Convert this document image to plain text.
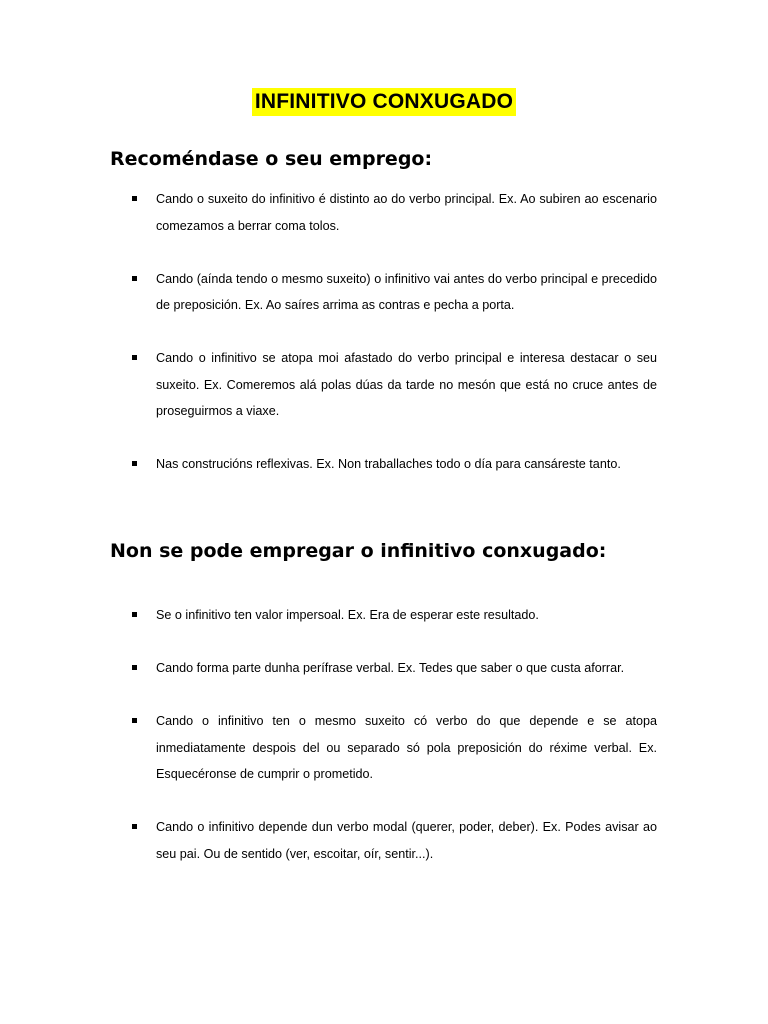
INFINITIVO CONXUGADO
Recoméndase o seu emprego:
Cando o suxeito do infinitivo é distinto ao do verbo principal. Ex. Ao subiren ao escenario comezamos a berrar coma tolos.
Cando (aínda tendo o mesmo suxeito) o infinitivo vai antes do verbo principal e precedido de preposición. Ex. Ao saíres arrima as contras e pecha a porta.
Cando o infinitivo se atopa moi afastado do verbo principal e interesa destacar o seu suxeito. Ex. Comeremos alá polas dúas da tarde no mesón que está no cruce antes de proseguirmos a viaxe.
Nas construcións reflexivas. Ex. Non traballaches todo o día para cansáreste tanto.
Non se pode empregar o infinitivo conxugado:
Se o infinitivo ten valor impersoal. Ex. Era de esperar este resultado.
Cando forma parte dunha perífrase verbal. Ex. Tedes que saber o que custa aforrar.
Cando o infinitivo ten o mesmo suxeito có verbo do que depende e se atopa inmediatamente despois del ou separado só pola preposición do réxime verbal. Ex. Esquecéronse de cumprir o prometido.
Cando o infinitivo depende dun verbo modal (querer, poder, deber). Ex. Podes avisar ao seu pai. Ou de sentido (ver, escoitar, oír, sentir...).
